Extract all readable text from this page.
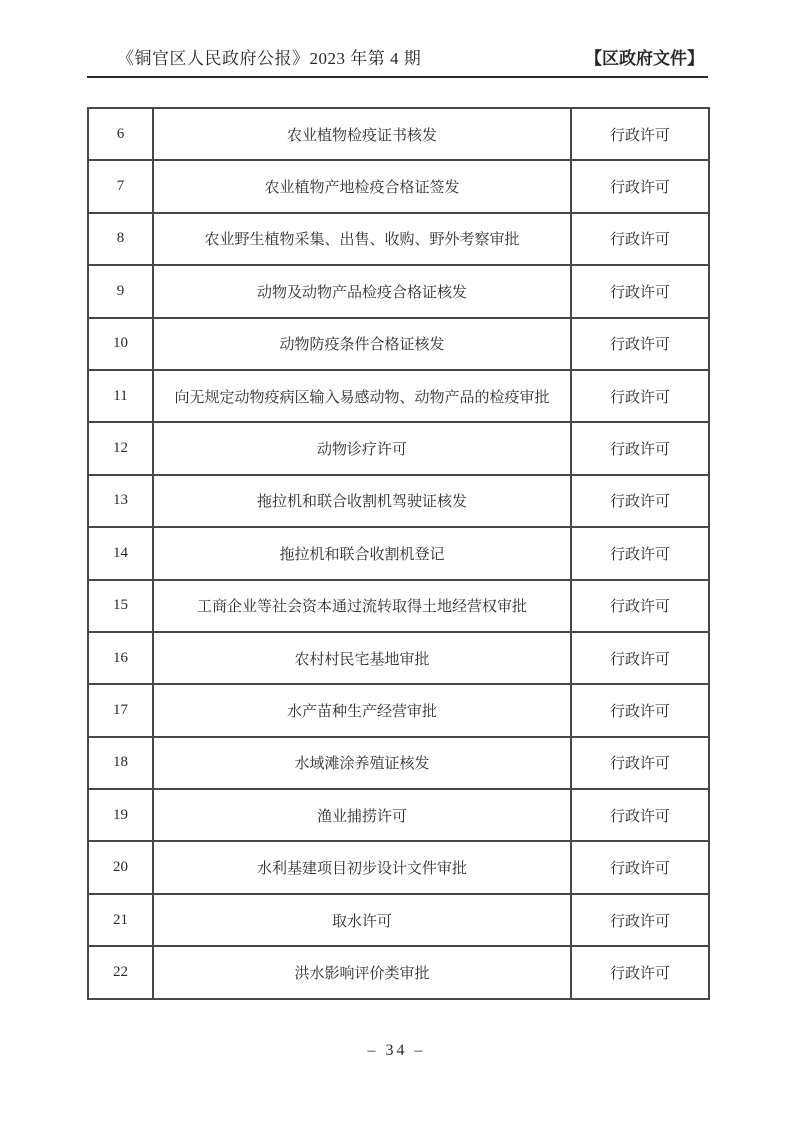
《铜官区人民政府公报》2023 年第 4 期	【区政府文件】
6	农业植物检疫证书核发	行政许可
7	农业植物产地检疫合格证签发	行政许可
8	农业野生植物采集、出售、收购、野外考察审批	行政许可
9	动物及动物产品检疫合格证核发	行政许可
10	动物防疫条件合格证核发	行政许可
11	向无规定动物疫病区输入易感动物、动物产品的检疫审批	行政许可
12	动物诊疗许可	行政许可
13	拖拉机和联合收割机驾驶证核发	行政许可
14	拖拉机和联合收割机登记	行政许可
15	工商企业等社会资本通过流转取得土地经营权审批	行政许可
16	农村村民宅基地审批	行政许可
17	水产苗种生产经营审批	行政许可
18	水域滩涂养殖证核发	行政许可
19	渔业捕捞许可	行政许可
20	水利基建项目初步设计文件审批	行政许可
21	取水许可	行政许可
22	洪水影响评价类审批	行政许可
– 34 –
